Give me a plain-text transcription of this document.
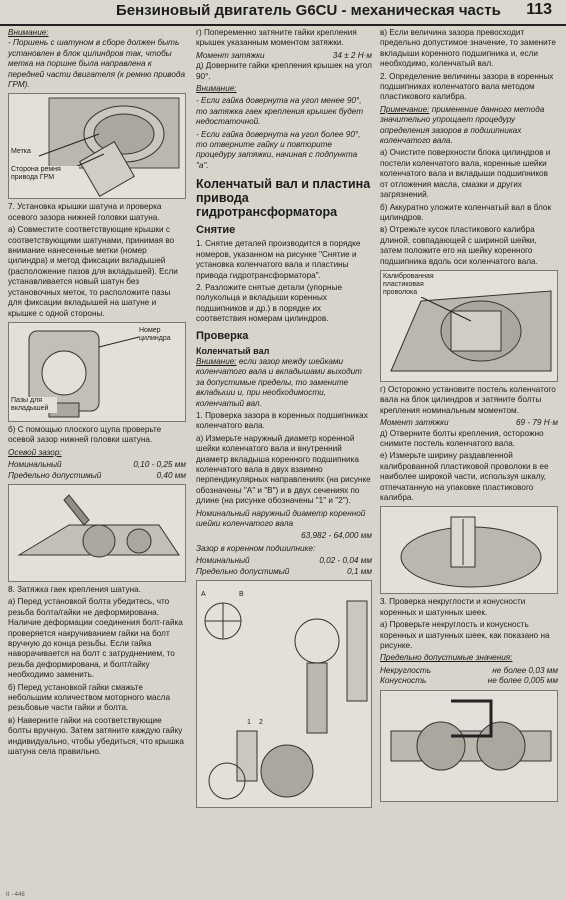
Бензиновый двигатель G6CU - механическая часть 113

Внимание:
- Поршень с шатуном в сборе должен быть установлен в блок цилиндров так, чтобы метка на поршне была направлена к передней части двигателя (к ремню привода ГРМ).

Метка
Сторона ремня привода ГРМ

7. Установка крышки шатуна и проверка осевого зазора нижней головки шатуна.

а) Совместите соответствующие крышки с соответствующими шатунами, принимая во внимание нанесенные метки (номер цилиндра) и метод фиксации вкладышей (расположение пазов для вкладышей). Если устанавливается новый шатун без установочных меток, то расположите пазы для фиксации вкладышей на шатуне и крышке с одной стороны.

Номер цилиндра
Пазы для вкладышей

б) С помощью плоского щупа проверьте осевой зазор нижней головки шатуна.

Осевой зазор:

Номинальный	0,10 - 0,25 мм
Предельно допустимый	0,40 мм

8. Затяжка гаек крепления шатуна.

а) Перед установкой болта убедитесь, что резьба болта/гайки не деформирована. Наличие деформации соединения болт-гайка проверяется накручиванием гайки на болт вручную до конца резьбы. Если гайка наворачивается на болт с затруднением, то резьба деформирована, и болт/гайку необходимо заменить.

б) Перед установкой гайки смажьте небольшим количеством моторного масла резьбовые части гайки и болта.

в) Наверните гайки на соответствующие болты вручную. Затем затяните каждую гайку индивидуально, чтобы убедиться, что крышка шатуна села правильно.

г) Попеременно затяните гайки крепления крышек указанным моментом затяжки.

Момент затяжки	34 ± 2 Н·м

д) Доверните гайки крепления крышек на угол 90°.

Внимание:

- Если гайка довернута на угол менее 90°, то затяжка гаек крепления крышек будет недостаточной.

- Если гайка довернута на угол более 90°, то отверните гайку и повторите процедуру затяжки, начиная с подпункта "а".

Коленчатый вал и пластина привода гидротрансформатора
Снятие

1. Снятие деталей производится в порядке номеров, указанном на рисунке "Снятие и установка коленчатого вала и пластины привода гидротрансформатора".

2. Разложите снятые детали (упорные полукольца и вкладыши коренных подшипников и др.) в порядке их соответствия номерам цилиндров.

Проверка
Коленчатый вал

Внимание: если зазор между шейками коленчатого вала и вкладышами выходит за допустимые пределы, то замените вкладыши и, при необходимости, коленчатый вал.

1. Проверка зазора в коренных подшипниках коленчатого вала.

а) Измерьте наружный диаметр коренной шейки коленчатого вала и внутренний диаметр вкладыша коренного подшипника коленчатого вала в двух взаимно перпендикулярных направлениях (на рисунке обозначены "A" и "B") и в двух сечениях по длине (на рисунке обозначены "1" и "2").

Номинальный наружный диаметр коренной шейки коленчатого вала

63,982 - 64,000 мм

Зазор в коренном подшипнике:

Номинальный	0,02 - 0,04 мм
Предельно допустимый	0,1 мм
A	B
1 2

в) Если величина зазора превосходит предельно допустимое значение, то замените вкладыши коренного подшипника и, если необходимо, коленчатый вал.

2. Определение величины зазора в коренных подшипниках коленчатого вала методом пластикового калибра.

Примечание: применение данного метода значительно упрощает процедуру определения зазоров в подшипниках коленчатого вала.

а) Очистите поверхности блока цилиндров и постели коленчатого вала, коренные шейки коленчатого вала и вкладыши подшипников от отложения масла, смазки и других загрязнений.

б) Аккуратно уложите коленчатый вал в блок цилиндров.

в) Отрежьте кусок пластикового калибра длиной, совпадающей с шириной шейки, затем положите его на шейку коренного подшипника вдоль оси коленчатого вала.

Калиброванная пластиковая проволока

г) Осторожно установите постель коленчатого вала на блок цилиндров и затяните болты крепления номинальным моментом.

Момент затяжки	69 - 79 Н·м

д) Отверните болты крепления, осторожно снимите постель коленчатого вала.

е) Измерьте ширину раздавленной калиброванной пластиковой проволоки в ее наиболее широкой части, используя шкалу, отпечатанную на упаковке пластикового калибра.

3. Проверка некруглости и конусности коренных и шатунных шеек.

а) Проверьте некруглость и конусность коренных и шатунных шеек, как показано на рисунке.

Предельно допустимые значения:

Некруглость	не более 0,03 мм
Конусность	не более 0,005 мм
II - 446
